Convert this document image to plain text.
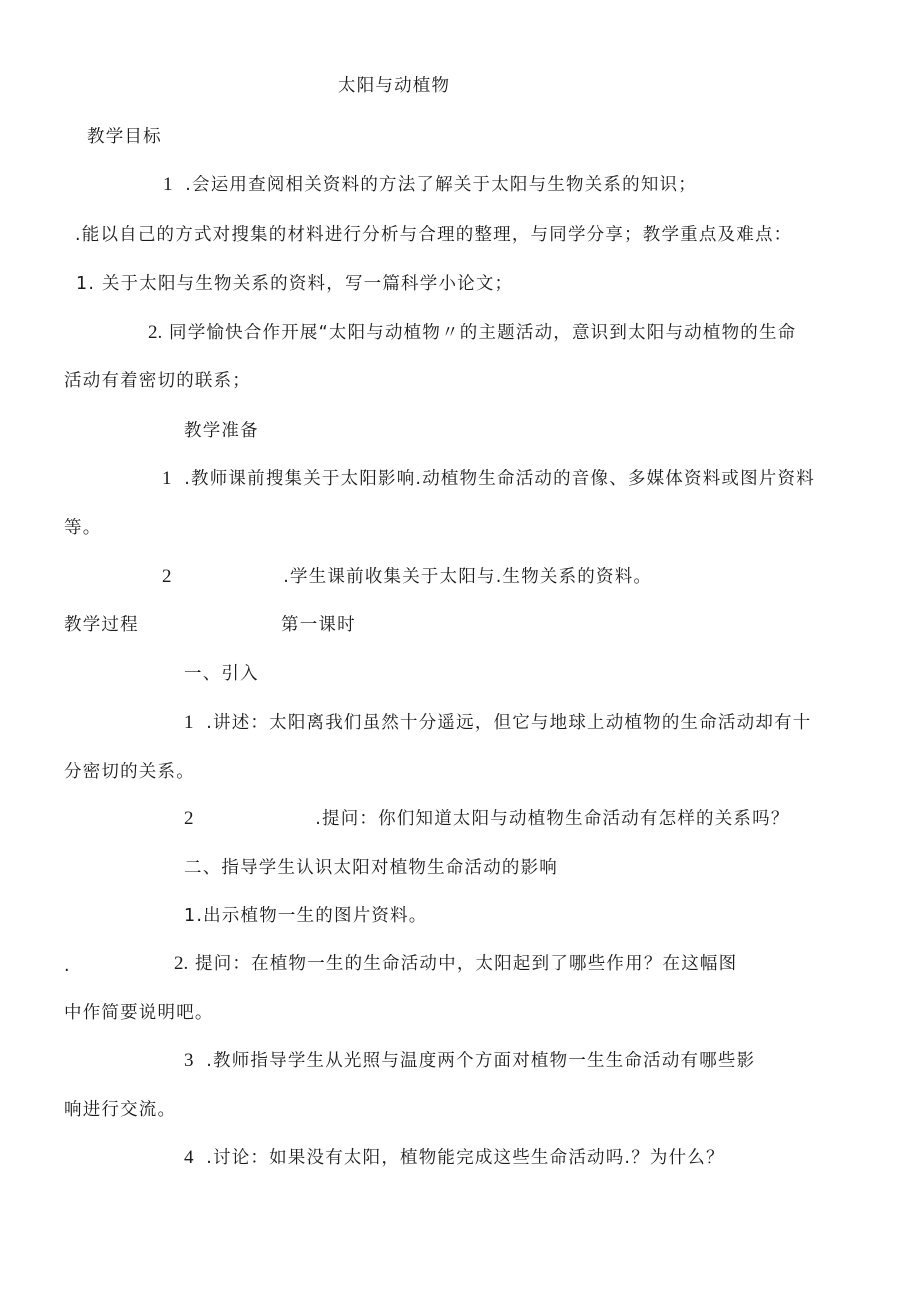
太阳与动植物
教学目标
1 .会运用查阅相关资料的方法了解关于太阳与生物关系的知识；
.能以自己的方式对搜集的材料进行分析与合理的整理，与同学分享；教学重点及难点：
1. 关于太阳与生物关系的资料，写一篇科学小论文；
2. 同学愉快合作开展“太阳与动植物〃的主题活动，意识到太阳与动植物的生命
活动有着密切的联系；
教学准备
1 .教师课前搜集关于太阳影响.动植物生命活动的音像、多媒体资料或图片资料
等。
2	.学生课前收集关于太阳与.生物关系的资料。
教学过程	第一课时
一、引入
1 .讲述：太阳离我们虽然十分遥远，但它与地球上动植物的生命活动却有十
分密切的关系。
2	.提问：你们知道太阳与动植物生命活动有怎样的关系吗？
二、指导学生认识太阳对植物生命活动的影响
1.出示植物一生的图片资料。
.	2. 提问：在植物一生的生命活动中，太阳起到了哪些作用？在这幅图
中作简要说明吧。
3 .教师指导学生从光照与温度两个方面对植物一生生命活动有哪些影
响进行交流。
4 .讨论：如果没有太阳，植物能完成这些生命活动吗.？为什么？
